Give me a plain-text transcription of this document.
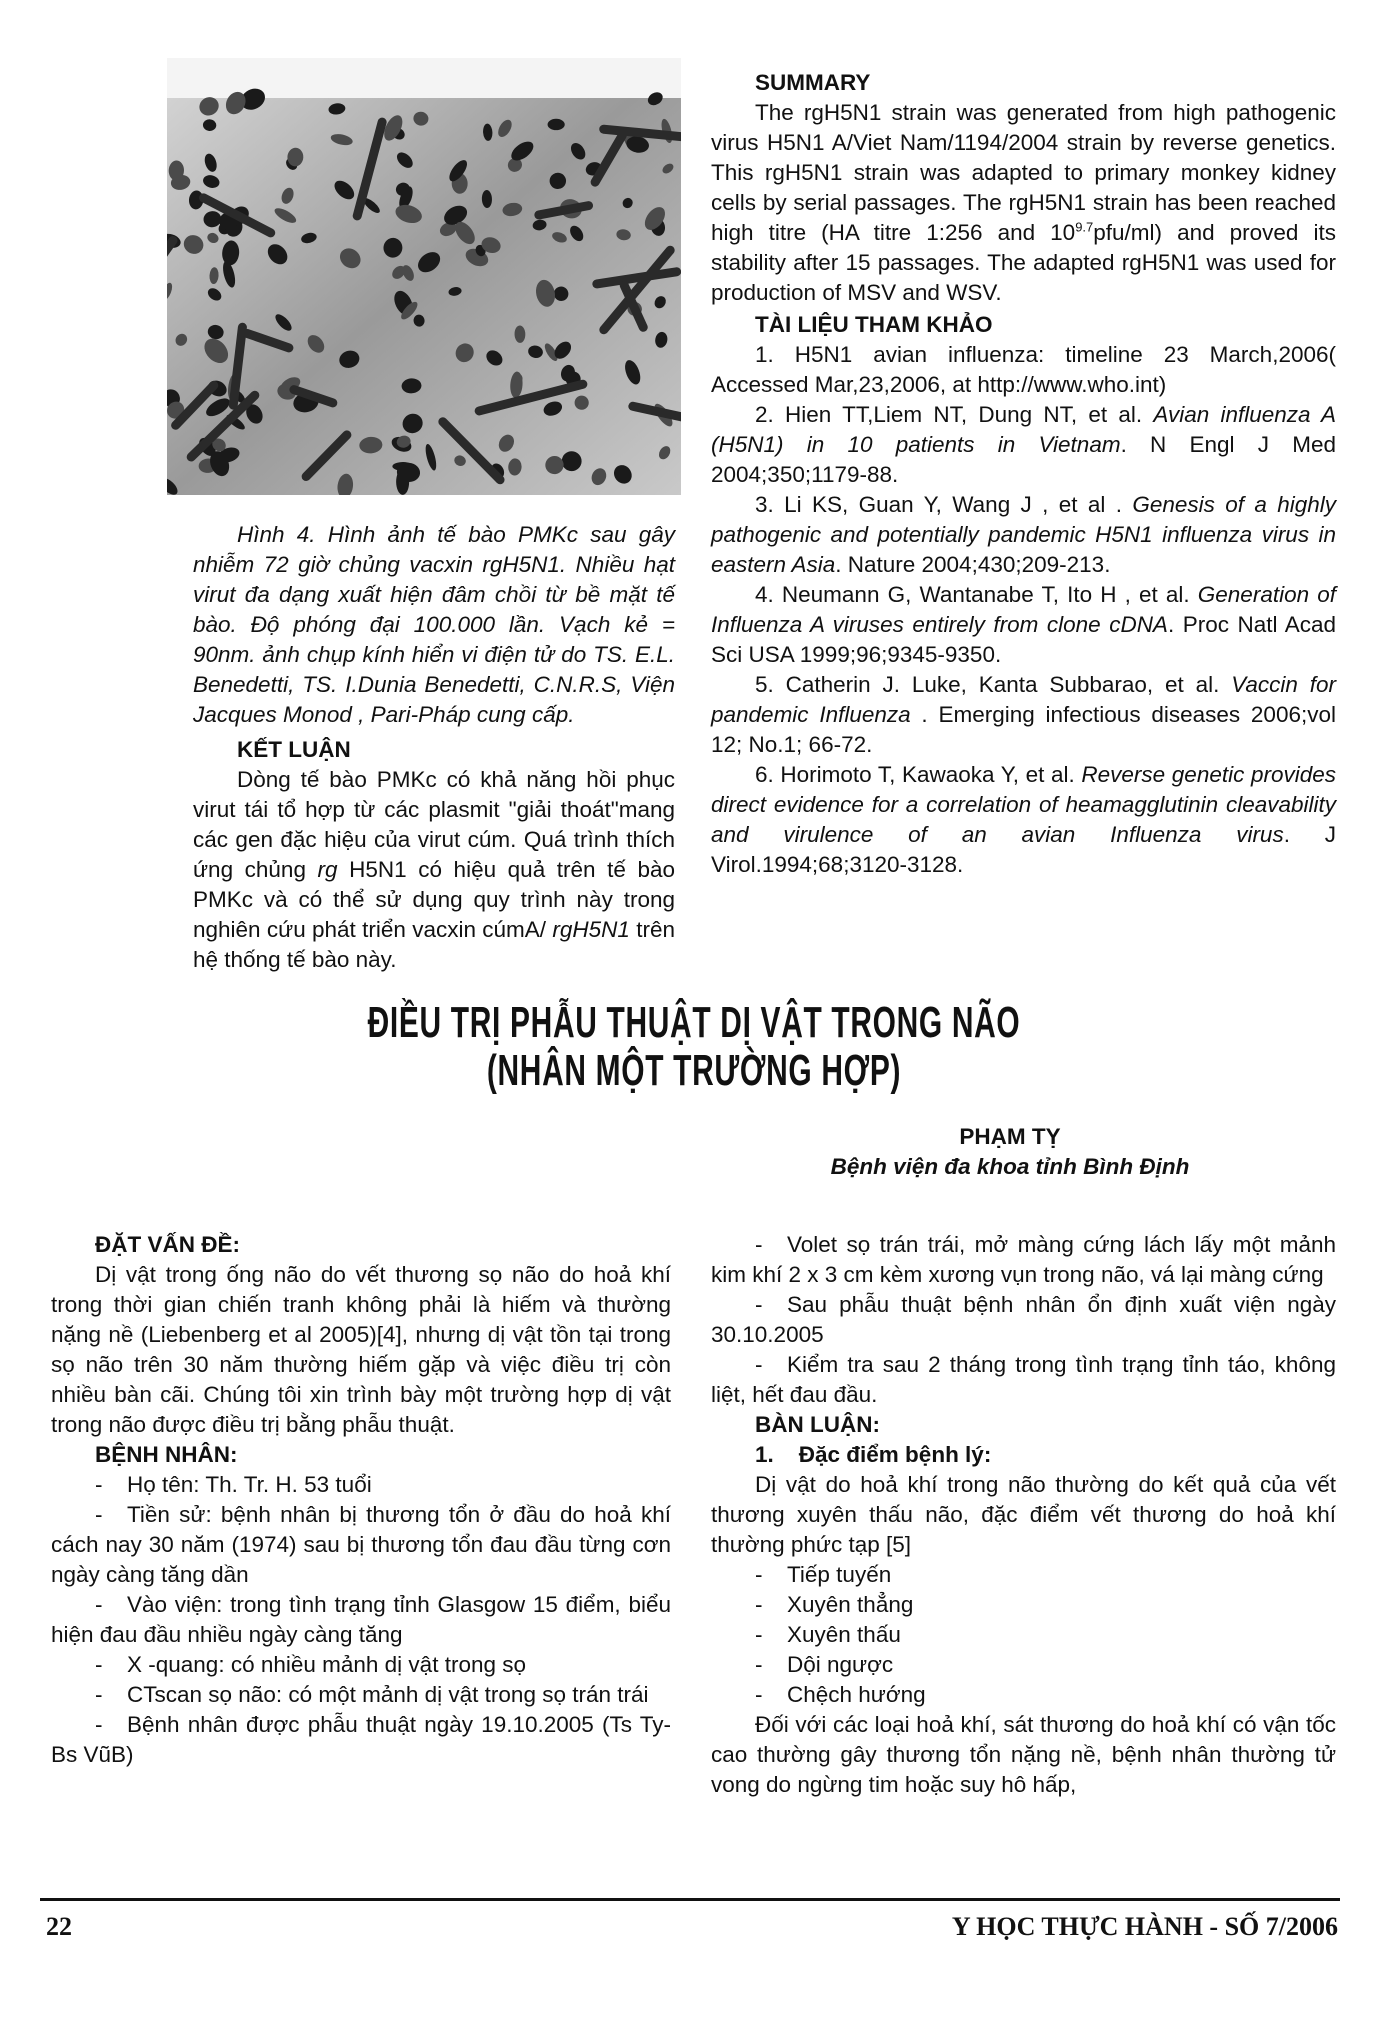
Hình 4. Hình ảnh tế bào PMKc sau gây nhiễm 72 giờ chủng vacxin rgH5N1. Nhiều hạt virut đa dạng xuất hiện đâm chồi từ bề mặt tế bào. Độ phóng đại 100.000 lần. Vạch kẻ = 90nm. ảnh chụp kính hiển vi điện tử do TS. E.L. Benedetti, TS. I.Dunia Benedetti, C.N.R.S, Viện Jacques Monod , Pari-Pháp cung cấp.

KẾT LUẬN

Dòng tế bào PMKc có khả năng hồi phục virut tái tổ hợp từ các plasmit "giải thoát"mang các gen đặc hiệu của virut cúm. Quá trình thích ứng chủng rg H5N1 có hiệu quả trên tế bào PMKc và có thể sử dụng quy trình này trong nghiên cứu phát triển vacxin cúmA/ rgH5N1 trên hệ thống tế bào này.

SUMMARY

The rgH5N1 strain was generated from high pathogenic virus H5N1 A/Viet Nam/1194/2004 strain by reverse genetics. This rgH5N1 strain was adapted to primary monkey kidney cells by serial passages. The rgH5N1 strain has been reached high titre (HA titre 1:256 and $10^{9.7}pfu/ml$) and proved its stability after 15 passages. The adapted rgH5N1 was used for production of MSV and WSV.

TÀI LIỆU THAM KHẢO

1. H5N1 avian influenza: timeline 23 March,2006( Accessed Mar,23,2006, at http://www.who.int)

2. Hien TT,Liem NT, Dung NT, et al. Avian influenza A (H5N1) in 10 patients in Vietnam. N Engl J Med 2004;350;1179-88.

3. Li KS, Guan Y, Wang J , et al . Genesis of a highly pathogenic and potentially pandemic H5N1 influenza virus in eastern Asia. Nature 2004;430;209-213.

4. Neumann G, Wantanabe T, Ito H , et al. Generation of Influenza A viruses entirely from clone cDNA. Proc Natl Acad Sci USA 1999;96;9345-9350.

5. Catherin J. Luke, Kanta Subbarao, et al. Vaccin for pandemic Influenza . Emerging infectious diseases 2006;vol 12; No.1; 66-72.

6. Horimoto T, Kawaoka Y, et al. Reverse genetic provides direct evidence for a correlation of heamagglutinin cleavability and virulence of an avian Influenza virus. J Virol.1994;68;3120-3128.

ĐIỀU TRỊ PHẪU THUẬT DỊ VẬT TRONG NÃO
(NHÂN MỘT TRƯỜNG HỢP)
PHẠM TỴ
Bệnh viện đa khoa tỉnh Bình Định
ĐẶT VẤN ĐỀ:

Dị vật trong ống não do vết thương sọ não do hoả khí trong thời gian chiến tranh không phải là hiếm và thường nặng nề (Liebenberg et al 2005)[4], nhưng dị vật tồn tại trong sọ não trên 30 năm thường hiếm gặp và việc điều trị còn nhiều bàn cãi. Chúng tôi xin trình bày một trường hợp dị vật trong não được điều trị bằng phẫu thuật.

BỆNH NHÂN:
- Họ tên: Th. Tr. H. 53 tuổi
- Tiền sử: bệnh nhân bị thương tổn ở đầu do hoả khí cách nay 30 năm (1974) sau bị thương tổn đau đầu từng cơn ngày càng tăng dần
- Vào viện: trong tình trạng tỉnh Glasgow 15 điểm, biểu hiện đau đầu nhiều ngày càng tăng
- X -quang: có nhiều mảnh dị vật trong sọ
- CTscan sọ não: có một mảnh dị vật trong sọ trán trái
- Bệnh nhân được phẫu thuật ngày 19.10.2005 (Ts Ty- Bs VũB)
- Volet sọ trán trái, mở màng cứng lách lấy một mảnh kim khí 2 x 3 cm kèm xương vụn trong não, vá lại màng cứng
- Sau phẫu thuật bệnh nhân ổn định xuất viện ngày 30.10.2005
- Kiểm tra sau 2 tháng trong tình trạng tỉnh táo, không liệt, hết đau đầu.
BÀN LUẬN:
1.    Đặc điểm bệnh lý:

Dị vật do hoả khí trong não thường do kết quả của vết thương xuyên thấu não, đặc điểm vết thương do hoả khí thường phức tạp [5]

- Tiếp tuyến
- Xuyên thẳng
- Xuyên thấu
- Dội ngược
- Chệch hướng

Đối với các loại hoả khí, sát thương do hoả khí có vận tốc cao thường gây thương tổn nặng nề, bệnh nhân thường tử vong do ngừng tim hoặc suy hô hấp,

22	Y HỌC THỰC HÀNH - SỐ 7/2006
